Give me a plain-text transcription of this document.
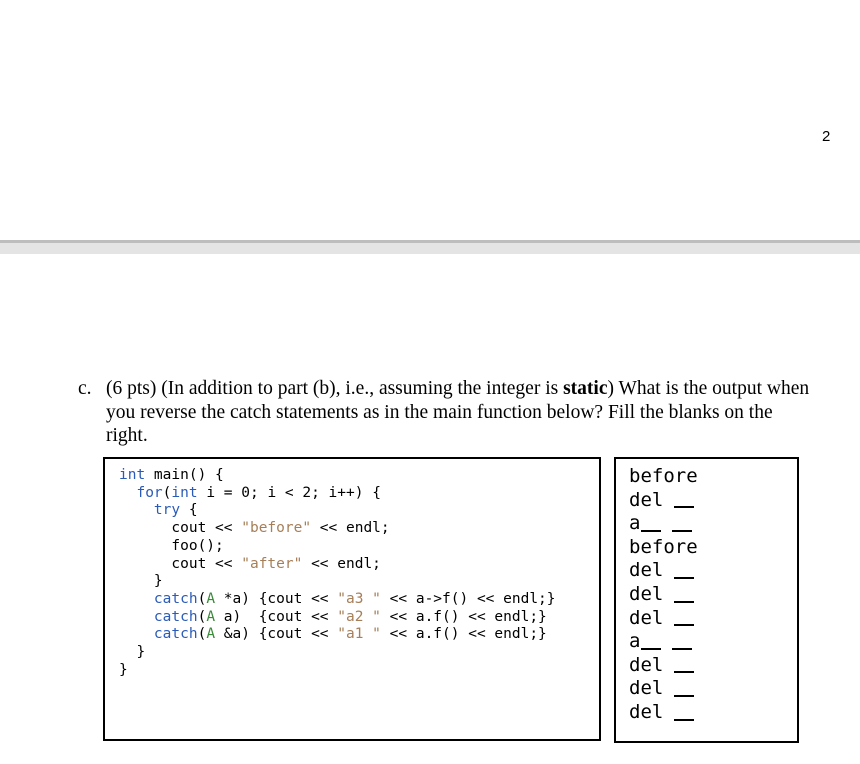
2
c. (6 pts) (In addition to part (b), i.e., assuming the integer is static) What is the output when you reverse the catch statements as in the main function below? Fill the blanks on the right.
int main() {
for(int i = 0; i < 2; i++) {
try {
cout << "before" << endl;
foo();
cout << "after" << endl;
}
catch(A *a) {cout << "a3 " << a->f() << endl;}
catch(A a)  {cout << "a2 " << a.f() << endl;}
catch(A &a) {cout << "a1 " << a.f() << endl;}
}
}
before
del
a
before
del
del
del
a
del
del
del
